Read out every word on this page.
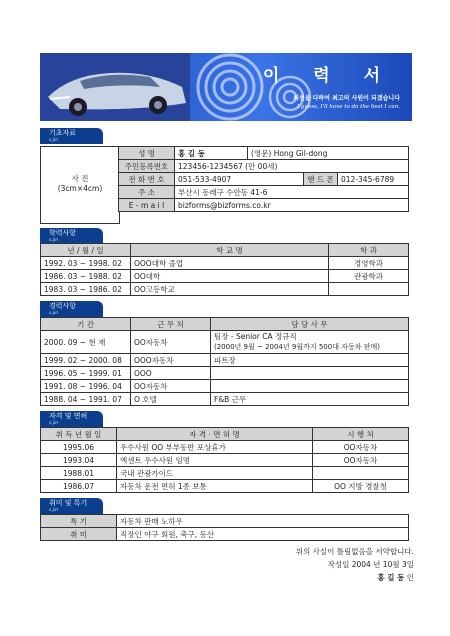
이 력 서
최선을 다하여 최고의 사원이 되겠습니다
I guess, I'll have to do the best I can.
기초자료
s.jin
사 진
(3cm×4cm)
성 명	홍 길 동	(영문) Hong Gil-dong		
주민등록번호	123456-1234567 (만 00세)			
전 화 번 호	051-533-4907		핸 드 폰	012-345-6789
주 소	부산시 동래구 수안동 41-6			
E - m a i l	bizforms@bizforms.co.kr			
학력사항
s.jin
년 / 월 / 일	학 교 명	학 과
1992. 03 ~ 1998. 02	OOO대학 졸업	경영학과
1986. 03 ~ 1988. 02	OO대학	관광학과
1983. 03 ~ 1986. 02	OO고등학교	
경력사항
s.jin
기 간	근 무 처	담 당 사 무
2000. 09 ~ 현 재	OO자동차	팀장 - Senior CA 정규직
(2000년 9월 ~ 2004년 9월까지 500대 자동차 판매)

1999. 02 ~ 2000. 08	OOO자동차	파트장
1996. 05 ~ 1999. 01	OOO	
1991. 08 ~ 1996. 04	OO자동차	
1988. 04 ~ 1991. 07	O 호텔	F&B 근무
자격 및 면허
s.jin
취 득 년 월 일	자 격 · 면 허 명	시 행 처
1995.06	우수사원 OO 부부동반 포상휴가	OO자동차
1993.04	엑센트 우수사원 임명	OO자동차
1988.01	국내 관광가이드	
1986.07	자동차 운전 면허 1종 보통	OO 지방 경찰청
취미 및 특기
s.jin
특 기	자동차 판매 노하우
취 미	직장인 야구 회원, 축구, 등산
위의 사실이 틀림없음을 서약합니다.
작성일 2004 년 10월 3일
홍 길 동 인
